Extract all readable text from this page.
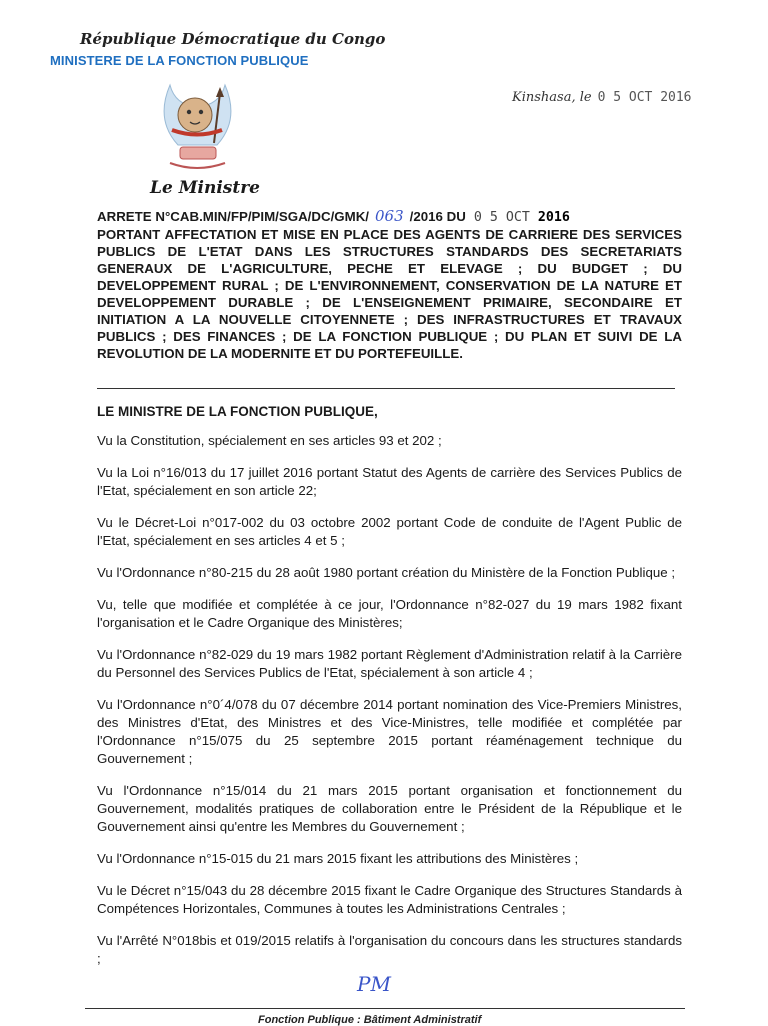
République Démocratique du Congo
MINISTERE DE LA FONCTION PUBLIQUE
Kinshasa, le 0 5 OCT 2016
Le Ministre
ARRETE N°CAB.MIN/FP/PIM/SGA/DC/GMK/ 063 /2016 DU 0 5 OCT 2016
PORTANT AFFECTATION ET MISE EN PLACE DES AGENTS DE CARRIERE DES SERVICES PUBLICS DE L'ETAT DANS LES STRUCTURES STANDARDS DES SECRETARIATS GENERAUX DE L'AGRICULTURE, PECHE ET ELEVAGE ; DU BUDGET ; DU DEVELOPPEMENT RURAL ; DE L'ENVIRONNEMENT, CONSERVATION DE LA NATURE ET DEVELOPPEMENT DURABLE ; DE L'ENSEIGNEMENT PRIMAIRE, SECONDAIRE ET INITIATION A LA NOUVELLE CITOYENNETE ; DES INFRASTRUCTURES ET TRAVAUX PUBLICS ; DES FINANCES ; DE LA FONCTION PUBLIQUE ; DU PLAN ET SUIVI DE LA REVOLUTION DE LA MODERNITE ET DU PORTEFEUILLE.
LE MINISTRE DE LA FONCTION PUBLIQUE,

Vu la Constitution, spécialement en ses articles 93 et 202 ;

Vu la Loi n°16/013 du 17 juillet 2016 portant Statut des Agents de carrière des Services Publics de l'Etat, spécialement en son article 22;

Vu le Décret-Loi n°017-002 du 03 octobre 2002 portant Code de conduite de l'Agent Public de l'Etat, spécialement en ses articles 4 et 5 ;

Vu l'Ordonnance n°80-215 du 28 août 1980 portant création du Ministère de la Fonction Publique ;

Vu, telle que modifiée et complétée à ce jour, l'Ordonnance n°82-027 du 19 mars 1982 fixant l'organisation et le Cadre Organique des Ministères;

Vu l'Ordonnance n°82-029 du 19 mars 1982 portant Règlement d'Administration relatif à la Carrière du Personnel des Services Publics de l'Etat, spécialement à son article 4 ;

Vu l'Ordonnance n°0´4/078 du 07 décembre 2014 portant nomination des Vice-Premiers Ministres, des Ministres d'Etat, des Ministres et des Vice-Ministres, telle modifiée et complétée par l'Ordonnance n°15/075 du 25 septembre 2015 portant réaménagement technique du Gouvernement ;

Vu l'Ordonnance n°15/014 du 21 mars 2015 portant organisation et fonctionnement du Gouvernement, modalités pratiques de collaboration entre le Président de la République et le Gouvernement ainsi qu'entre les Membres du Gouvernement ;

Vu l'Ordonnance n°15-015 du 21 mars 2015 fixant les attributions des Ministères ;

Vu le Décret n°15/043 du 28 décembre 2015 fixant le Cadre Organique des Structures Standards à Compétences Horizontales, Communes à toutes les Administrations Centrales ;

Vu l'Arrêté N°018bis et 019/2015 relatifs à l'organisation du concours dans les structures standards ;

PM
Fonction Publique : Bâtiment Administratif
